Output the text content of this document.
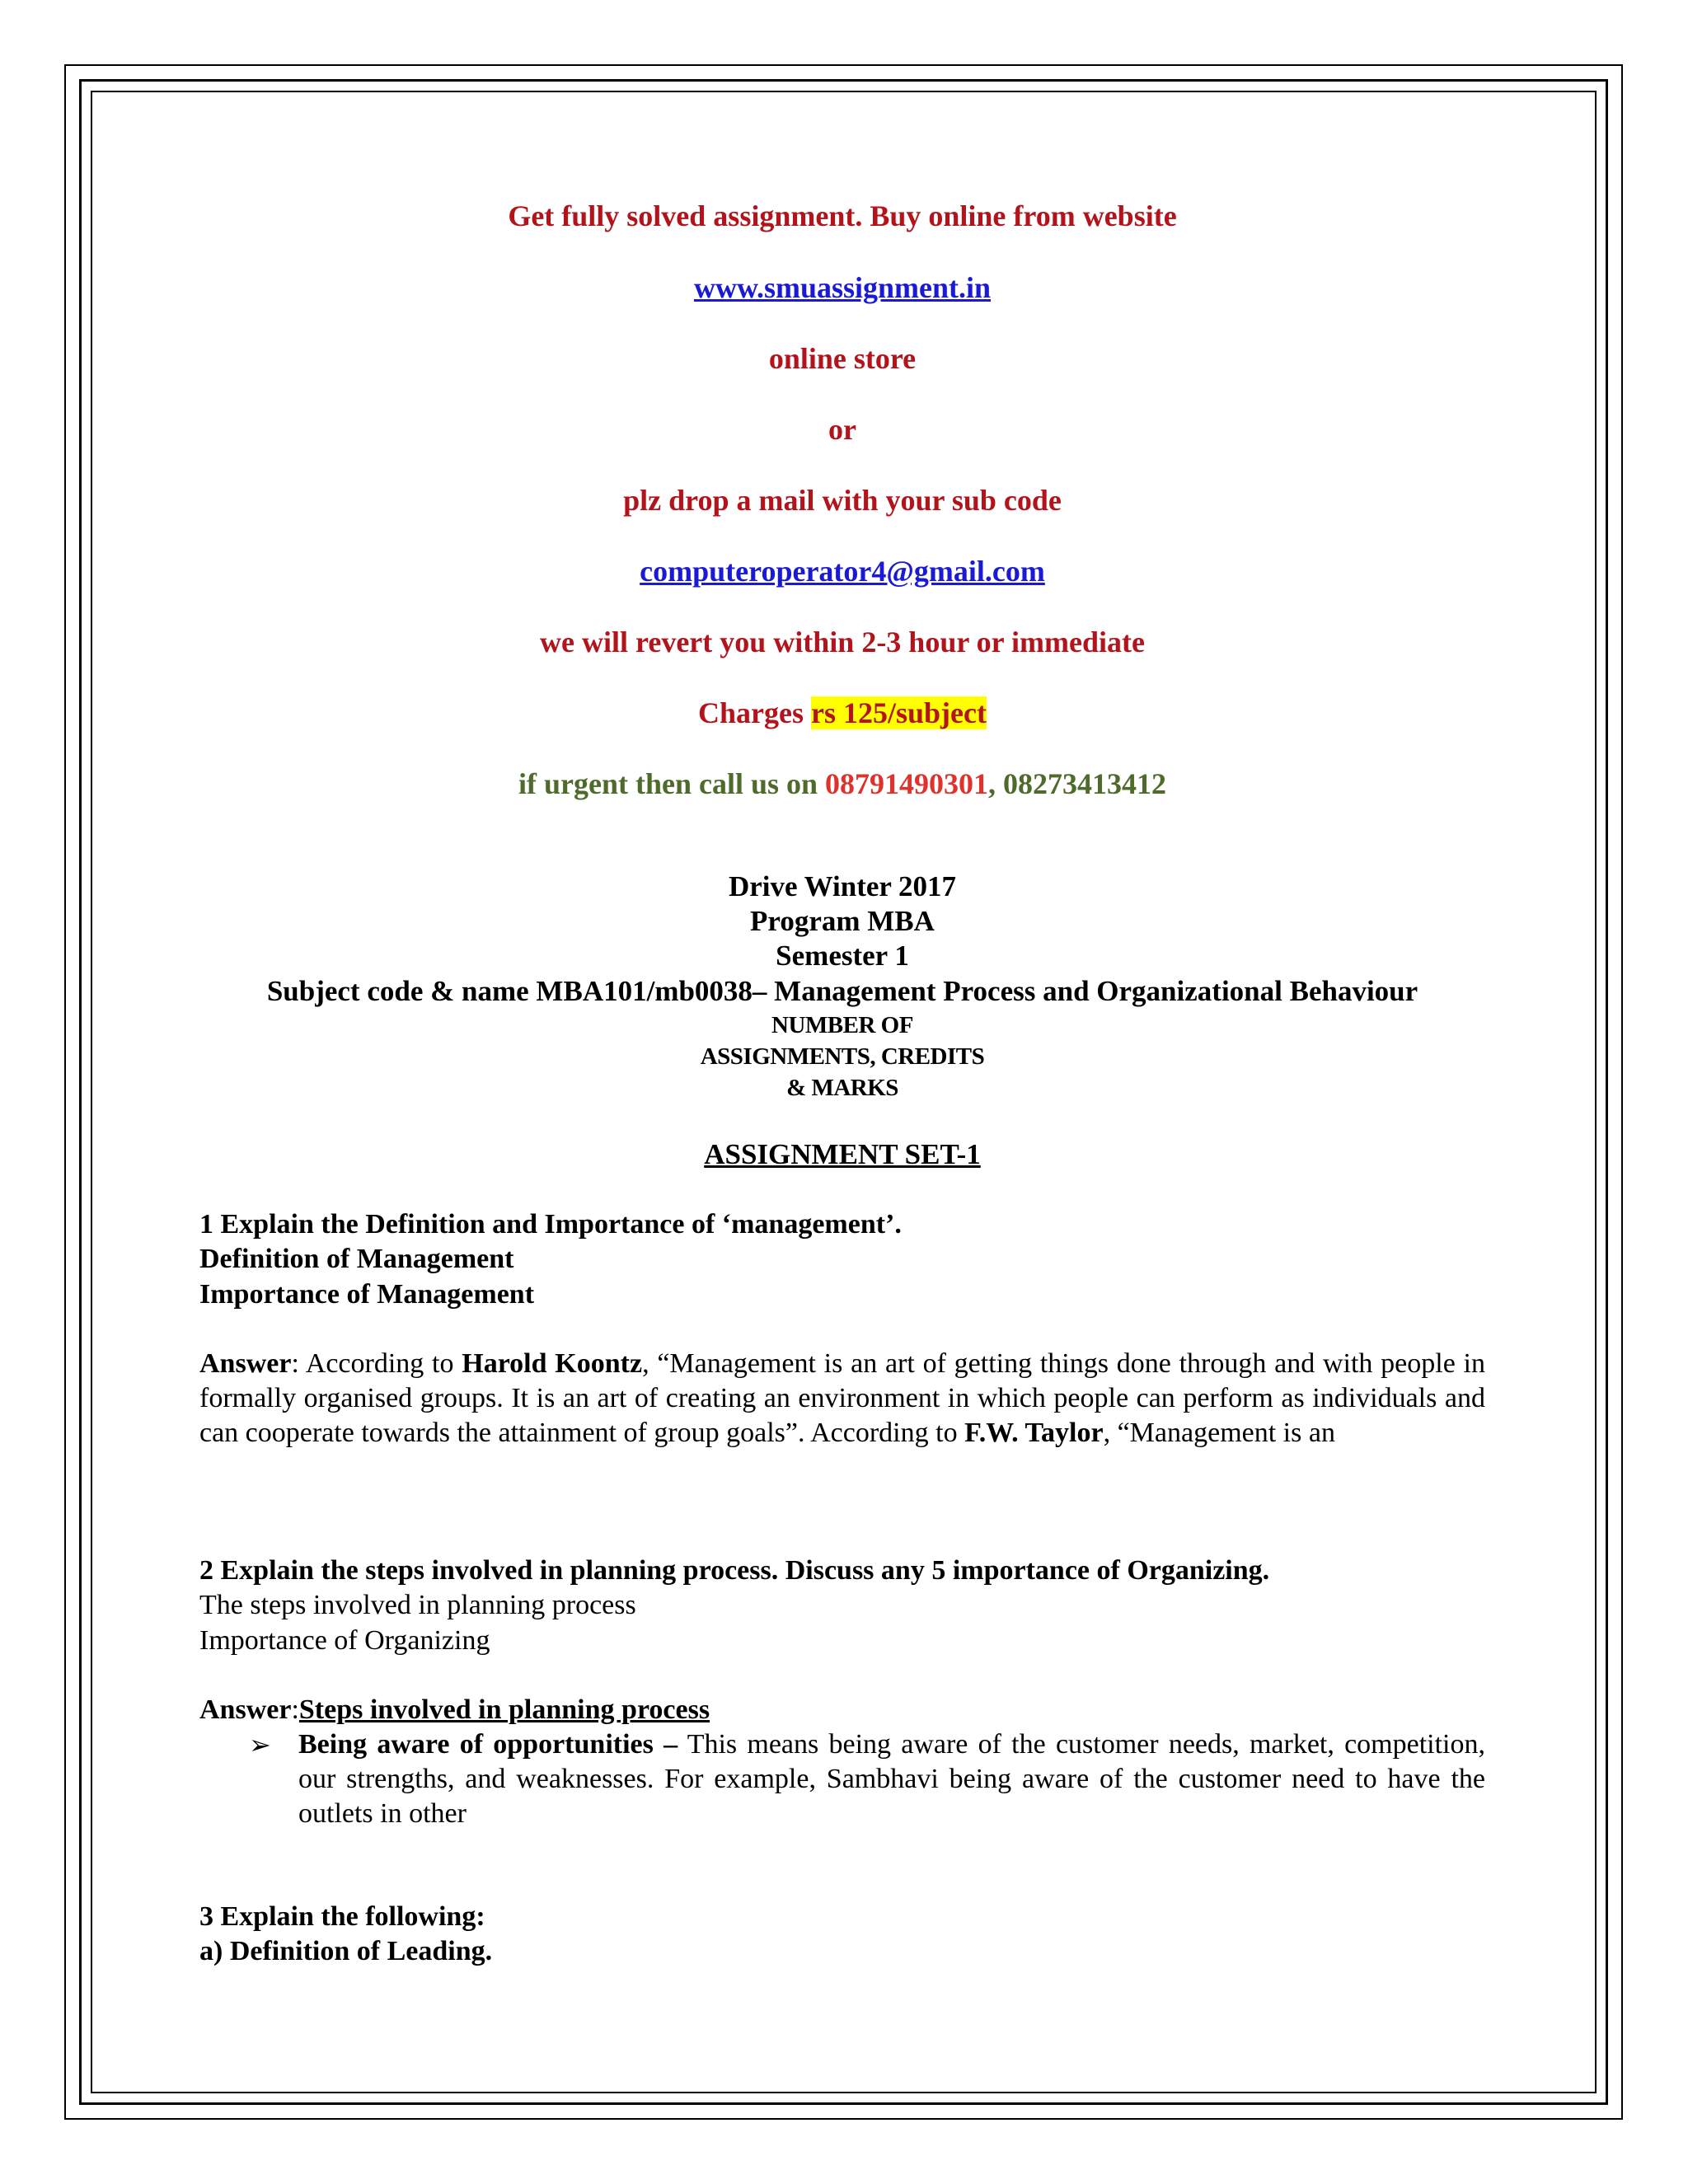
Get fully solved assignment. Buy online from website
www.smuassignment.in
online store
or
plz drop a mail with your sub code
computeroperator4@gmail.com
we will revert you within 2-3 hour or immediate
Charges rs 125/subject
if urgent then call us on 08791490301, 08273413412
Drive Winter 2017
Program MBA
Semester 1
Subject code & name MBA101/mb0038– Management Process and Organizational Behaviour
NUMBER OF
ASSIGNMENTS, CREDITS
& MARKS
ASSIGNMENT SET-1
1 Explain the Definition and Importance of ‘management’.
Definition of Management
Importance of Management
Answer: According to Harold Koontz, “Management is an art of getting things done through and with people in formally organised groups. It is an art of creating an environment in which people can perform as individuals and can cooperate towards the attainment of group goals”. According to F.W. Taylor, “Management is an
2 Explain the steps involved in planning process. Discuss any 5 importance of Organizing.
The steps involved in planning process
Importance of Organizing
Answer:Steps involved in planning process
➢ Being aware of opportunities – This means being aware of the customer needs, market, competition, our strengths, and weaknesses. For example, Sambhavi being aware of the customer need to have the outlets in other
3 Explain the following:
a) Definition of Leading.
